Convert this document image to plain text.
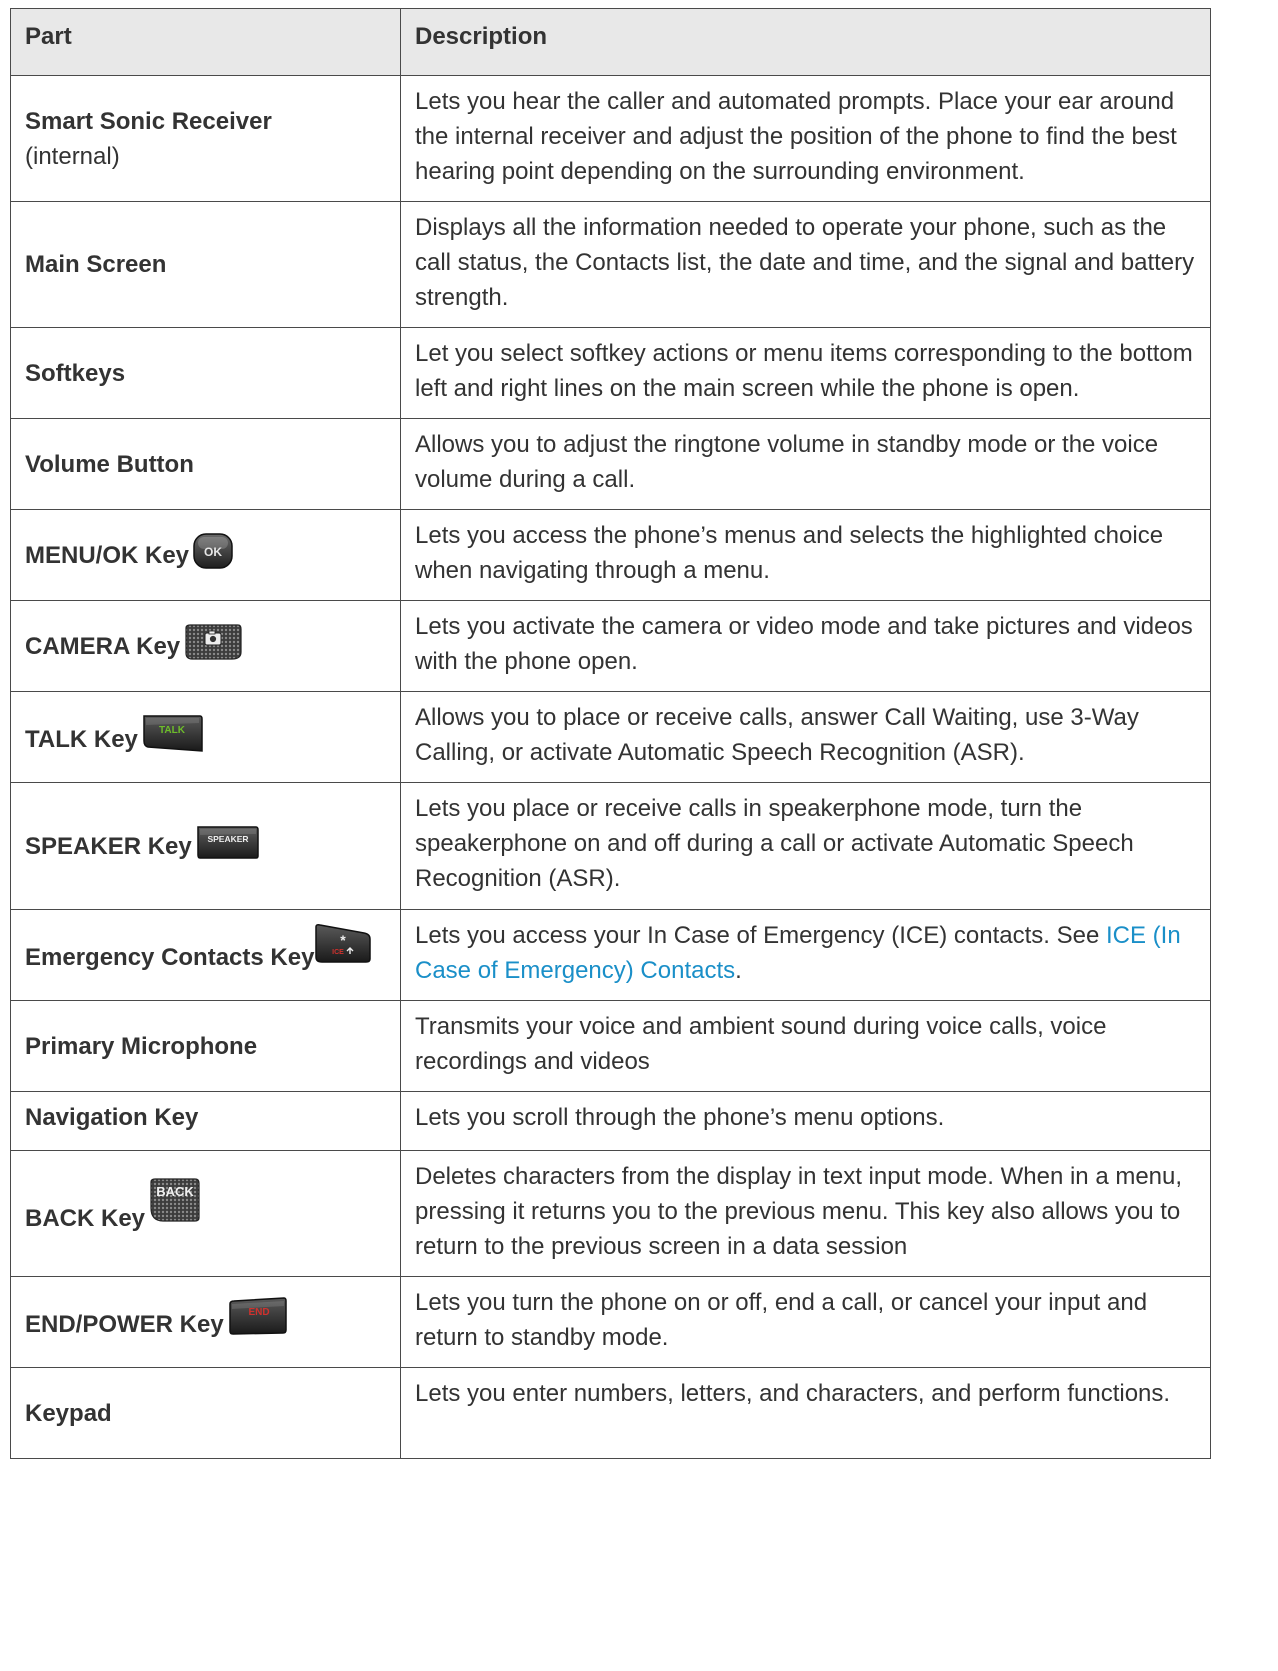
Part	Description
Smart Sonic Receiver
(internal)	Lets you hear the caller and automated prompts. Place your ear around the internal receiver and adjust the position of the phone to find the best hearing point depending on the surrounding environment.
Main Screen	Displays all the information needed to operate your phone, such as the call status, the Contacts list, the date and time, and the signal and battery strength.
Softkeys	Let you select softkey actions or menu items corresponding to the bottom left and right lines on the main screen while the phone is open.
Volume Button	Allows you to adjust the ringtone volume in standby mode or the voice volume during a call.
MENU/OK Key OK	Lets you access the phone’s menus and selects the highlighted choice when navigating through a menu.
CAMERA Key	Lets you activate the camera or video mode and take pictures and videos with the phone open.
TALK Key TALK	Allows you to place or receive calls, answer Call Waiting, use 3-Way Calling, or activate Automatic Speech Recognition (ASR).
SPEAKER Key SPEAKER	Lets you place or receive calls in speakerphone mode, turn the speakerphone on and off during a call or activate Automatic Speech Recognition (ASR).
Emergency Contacts Key
*
ICE	Lets you access your In Case of Emergency (ICE) contacts. See ICE (In Case of Emergency) Contacts.
Primary Microphone	Transmits your voice and ambient sound during voice calls, voice recordings and videos
Navigation Key	Lets you scroll through the phone’s menu options.
BACK Key
BACK	Deletes characters from the display in text input mode. When in a menu, pressing it returns you to the previous menu. This key also allows you to return to the previous screen in a data session
END/POWER Key END	Lets you turn the phone on or off, end a call, or cancel your input and return to standby mode.
Keypad	Lets you enter numbers, letters, and characters, and perform functions.
